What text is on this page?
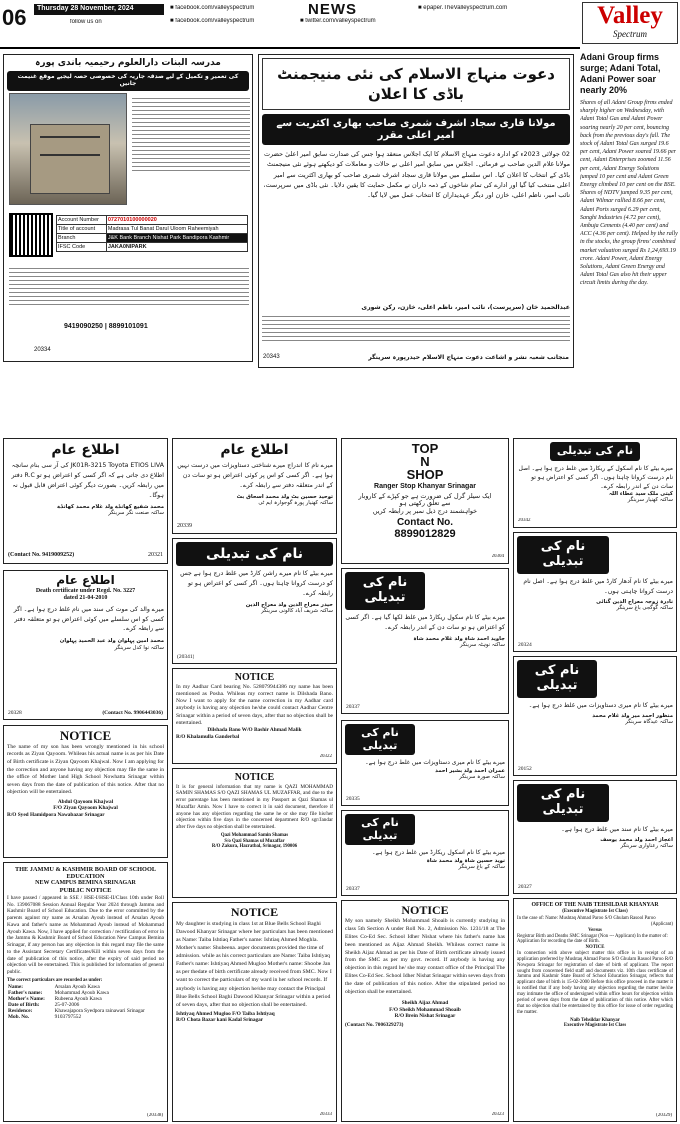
06	Thursday 28 November, 2024	NEWS
■ facebook.com/valleyspectrum
■ twitter.com/valleyspectrum
■ epaper.TheValleyspectrum.com
follow us on	■ facebook.com/valleyspectrum	Valley
Spectrum
مدرسہ البنات دارالعلوم رحیمیہ باندی پورہ
کی تعمیر و تکمیل کے لیے صدقہ جاریہ کی خصوصی حصہ لیجیے موقع غنیمت جانیں
Account Number	0727010100000020
Title of account	Madrasa Tul Banat Darul Uloom Raheemiyah
Branch	J&K Bank Branch Nishat Park Bandipora Kashmir
IFSC Code	JAKA0NIPARK
9419090250 | 8899101091
20334
دعوت منہاج الاسلام کی نئی منیجمنٹ باڈی کا اعلان
مولانا قاری سجاد اشرف شمری صاحب بھاری اکثریت سے امیر اعلی مقرر
02 جولائی 2023ء کو ادارہ دعوت منہاج الاسلام کا ایک اجلاس منعقد ہوا جس کی صدارت سابق امیر اعلیٰ حضرت مولانا غلام الدین صاحب نے فرمائی۔ اجلاس میں سابق امیر اعلی نے حالات و معاملات کو دیکھتے ہوئے نئی منیجمنٹ باڈی کے انتخاب کا اعلان کیا۔ اس سلسلے میں مولانا قاری سجاد اشرف شمری صاحب کو بھاری اکثریت سے امیر اعلی منتخب کیا گیا اور ادارے کی تمام شاخوں کے ذمہ داران نے مکمل حمایت کا یقین دلایا۔ نئی باڈی میں سرپرست، نائب امیر، ناظم اعلی، خازن اور دیگر عہدیداران کا انتخاب عمل میں لایا گیا۔
عبدالحمید خان (سرپرست)، نائب امیر، ناظم اعلی، خازن، رکن شوری
منجانب شعبہ نشر و اشاعت دعوت منہاج الاسلام حیدرپورہ سرینگر
20343
Adani Group firms surge; Adani Total, Adani Power soar nearly 20%
Shares of all Adani Group firms ended sharply higher on Wednesday, with Adani Total Gas and Adani Power soaring nearly 20 per cent, bouncing back from the previous day's fall. The stock of Adani Total Gas surged 19.6 per cent, Adani Power soared 19.66 per cent, Adani Enterprises zoomed 11.56 per cent, Adani Energy Solutions jumped 10 per cent and Adani Green Energy climbed 10 per cent on the BSE. Shares of NDTV jumped 9.35 per cent, Adani Wilmar rallied 8.66 per cent, Adani Ports surged 6.29 per cent, Sanghi Industries (4.72 per cent), Ambuja Cements (4.40 per cent) and ACC (4.36 per cent). Helped by the rally in the stocks, the group firms' combined market valuation surged Rs 1,24,693.19 crore. Adani Power, Adani Energy Solutions, Adani Green Energy and Adani Total Gas also hit their upper circuit limits during the day.
اطلاع عام
JK01R-3215 Toyota ETIOS LIVA کی آر سی بنام سانچہ اطلاع دی جاتی ہے کہ اگر کسی کو اعتراض ہو تو R.C دفتر میں رابطہ کریں۔ بصورت دیگر کوئی اعتراض قابل قبول نہ ہوگا۔
محمد شفیع کھانڈے ولد غلام محمد کھانڈے
ساکنہ صنعت نگر سرینگر
(Contact No. 9419009252)	20321
اطلاع عام
میرے نام کا اندراج میرے شناختی دستاویزات میں درست نہیں ہوا ہے۔ اگر کسی کو اس پر کوئی اعتراض ہو تو سات دن کے اندر متعلقہ دفتر سے رابطہ کرے۔
توحید حسین بٹ ولد محمد اسحاق بٹ
ساکنہ کھنیار پورہ گوجوارہ ایم ٹی
20339
TOP
N
SHOP
Ranger Stop Khanyar Srinagar
ایک سیلز گرل کی ضرورت ہے جو کپڑے کے کاروبار
سے تعلق رکھتی ہو
خواہشمند درج ذیل نمبر پر رابطہ کریں
Contact No.
8899012829
20304
نام کی تبدیلی
میرے بیٹے کا نام اسکول کے ریکارڈ میں غلط درج ہوا ہے۔ اصل نام درست کروانا چاہتا ہوں۔ اگر کسی کو اعتراض ہو تو سات دن کے اندر رابطہ کرے۔
کیتی ملک سید عطاء اللہ
ساکنہ کھنیار سرینگر
20342
اطلاع عام
Death certificate under Regd. No. 3227
dated 21-04-2010
میرے والد کی موت کی سند میں نام غلط درج ہوا ہے۔ اگر کسی کو اس سلسلے میں کوئی اعتراض ہو تو متعلقہ دفتر سے رابطہ کرے۔
محمد امین پہلوان ولد عبد الحمید پہلوان
ساکنہ نوا کدل سرینگر
20328	(Contact No. 9906443036)
NOTICE
The name of my son has been wrongly mentioned in his school records as Ziyan Qayoom. Whileas his actual name is as per his Date of Birth certificate is Ziyan Qayoom Khajwal. Now I am applying for the correction and anyone having any objection may file the same in the office of Mother land High School Nowhatta Srinagar within seven days from the date of publication of this notice. After that no objection will be entertained.
Abdul Qayoom Khajwal
F/O Ziyan Qayoom Khajwal
R/O Syed Hamidpora Nawabazar Srinagar
THE JAMMU & KASHMIR BOARD OF SCHOOL EDUCATION
NEW CAMPUS BEMINA SRINAGAR
PUBLIC NOTICE
I have passed / appeared in SSE / HSE-I/HSE-II/Class 10th under Roll No. 139067088 Session Annual Regular Year 2024 through Jammu and Kashmir Board of School Education. Due to the error committed by the parents against my name as Arsalan Ayoub instead of Arsalan Ayoub Kawa and father's name as Mohammad Ayoub instead of Mohammad Ayoub Kawa. Now, I have applied for correction / rectification of error in the Jammu & Kashmir Board of School Education New Campus Bemina Srinagar, if any person has any objection in this regard may file the same to the Assistant Secretary Certificates/Kill within seven days from the date of publication of this notice, after the expiry of said period no objection will be entertained. This is published for information of general public.
The correct particulars are recorded as under:
Name:	Arsalan Ayoub Kawa
Father's name:	Mohammad Ayoub Kawa
Mother's Name:	Rubeena Ayoub Kawa
Date of Birth:	25-07-2006
Residence:	Khawajapora Syedpora rainawari Srinagar
Mob. No.	9103797552
(20338)
نام کی تبدیلی
میرے بیٹے کا نام میرے راشن کارڈ میں غلط درج ہوا ہے جس کو درست کروانا چاہتا ہوں۔ اگر کسی کو اعتراض ہو تو رابطہ کرے۔
حیدر معراج الدین ولد معراج الدین
ساکنہ شریف آباد کالونی سرینگر
(20341)
NOTICE
In my Aadhar Card bearing No. 528079944386 my name has been mentioned as Posha. Whileas my correct name is Dilshada Bano. Now I want to apply for the name correction in my Aadhar card anybody is having any objection he/she could contact Aadhar Centre Srinagar within a period of seven days, after that no objection shall be entertained.
Dilshada Bano W/O Bashir Ahmad Malik
R/O Khalamulla Ganderbal
20322
NOTICE
It is for general information that my name is QAZI MOHAMMAD SAMIN SHAMAS S/O QAZI SHAMAS UL MUZAFFAR, and due to the error parentage has been mentioned in my Passport as Qazi Shamas ul Muzaffar Amin. Now I have to correct it in said document, therefore if anyone has any objection regarding the same he or she may file his/her objection within five days in the concerned department R/O sgr/Jandar after five days no objection shall be entertained.
Qazi Mohammad Samin Shamas
S/o Qazi Shamas ul Muzaffar
R/O Zakura, Hazratbal, Srinagar, 190006
NOTICE
My daughter is studying in class 1st at Blue Bells School Baghi Dawood Khanyar Srinagar where her particulars has been mentioned as Name: Taiba Ishtiaq Father's name: Ishtiaq Ahmed Moghla. Mother's name: Shubeena. asper documents provided the time of admission. while as his correct particulars are Name: Taiba Ishtiyaq Father's name: Ishtiyaq Ahmed Mugloo Mother's name: Shoobe Jan as per thedate of birth certificate already received from SMC. Now I want to correct the particulars of my ward in her school records. If anybody is having any objection he/she may contact the Principal Blue Bells School Baghi Dawood Khanyar Srinagar within a period of seven days, after that no objection shall be entertained.
Ishtiyaq Ahmed Mugloo F/O Taiba Ishtiyaq
R/O Chota Bazar kani Kadal Srinagar
20333
نام کی تبدیلی
میرے بیٹے کا نام سکول ریکارڈ میں غلط لکھا گیا ہے۔ اگر کسی کو اعتراض ہو تو سات دن کے اندر رابطہ کرے۔
جاوید احمد شاہ ولد غلام محمد شاہ
ساکنہ نوہٹہ سرینگر
20337
نام کی تبدیلی
میرے بیٹے کا نام میری دستاویزات میں غلط درج ہوا ہے۔
عمران احمد ولد بشیر احمد
ساکنہ صورہ سرینگر
20335
نام کی تبدیلی
میرے بیٹے کا نام اسکول ریکارڈ میں غلط درج ہوا ہے۔
نوید حسین شاہ ولد محمد شاہ
ساکنہ کے باغ سرینگر
20337
NOTICE
My son namely Sheikh Mohammad Shoaib is currently studying in class 5th Section A under Roll No. 2, Admission No. 1231/18 at The Elites Co-Ed Sec. School Idher Nishat where his father's name has been mentioned as Aijaz Ahmad Sheikh. Whileas correct name is Sheikh Aijaz Ahmad as per his Date of Birth certificate already issued from the SMC as per my govt. record. If anybody is having any objection in this regard he/ she may contact office of the Principal The Elites Co-Ed Sec. School Idher Nishat Srinagar within seven days from the date of publication of this notice. After the stipulated period no objection shall be entertained.
Sheikh Aijaz Ahmad
F/O Sheikh Mohammad Shoaib
R/O Brein Nishat Srinagar
(Contact No. 7006329273)
20323
نام کی تبدیلی
میرے بیٹے کا نام آدھار کارڈ میں غلط درج ہوا ہے۔ اصل نام درست کروانا چاہتی ہوں۔
نادرہ زوجہ معراج الدین گنائی
ساکنہ گوگجی باغ سرینگر
20324
نام کی تبدیلی
میرے بیٹے کا نام میری دستاویزات میں غلط درج ہوا ہے۔
منظور احمد میر ولد غلام محمد
ساکنہ عیدگاہ سرینگر
20152
نام کی تبدیلی
میرے بیٹے کا نام سند میں غلط درج ہوا ہے۔
اعجاز احمد ولد محمد یوسف
ساکنہ رعناواری سرینگر
20327
OFFICE OF THE NAIB TEHSILDAR KHANYAR
(Executive Magistrate Ist Class)
In the case of: Name: Mushtaq Ahmad Paroo S/O Ghulam Rasool Paroo
(Applicant)
Versus
Registrar Birth and Deaths SMC Srinagar (Non --- Applicant) In the matter of: Application for recording the date of Birth.
NOTICE
In connection with above subject matter this office is in receipt of an application preferred by Mushtaq Ahmad Paroo S/O Ghulam Rasool Paroo R/O Nowpora Srinagar for registration of date of birth of applicant. The report sought from concerned field staff and documents viz. 10th class certificate of Jammu and Kashmir State Board of School Education Srinagar, reflects that applicant date of birth is 15-02-2000 Before this office proceed in the matter it is notified that if any body having any objection regarding the matter he/she may intimate the office of undersigned within office hours for objection within period of seven days from the date of publication of this notice. After which that no objection shall be entertained by this office for issue of order regarding the matter.
Naib Tehsildar Khanyar
Executive Magistrate Ist Class
(20329)
